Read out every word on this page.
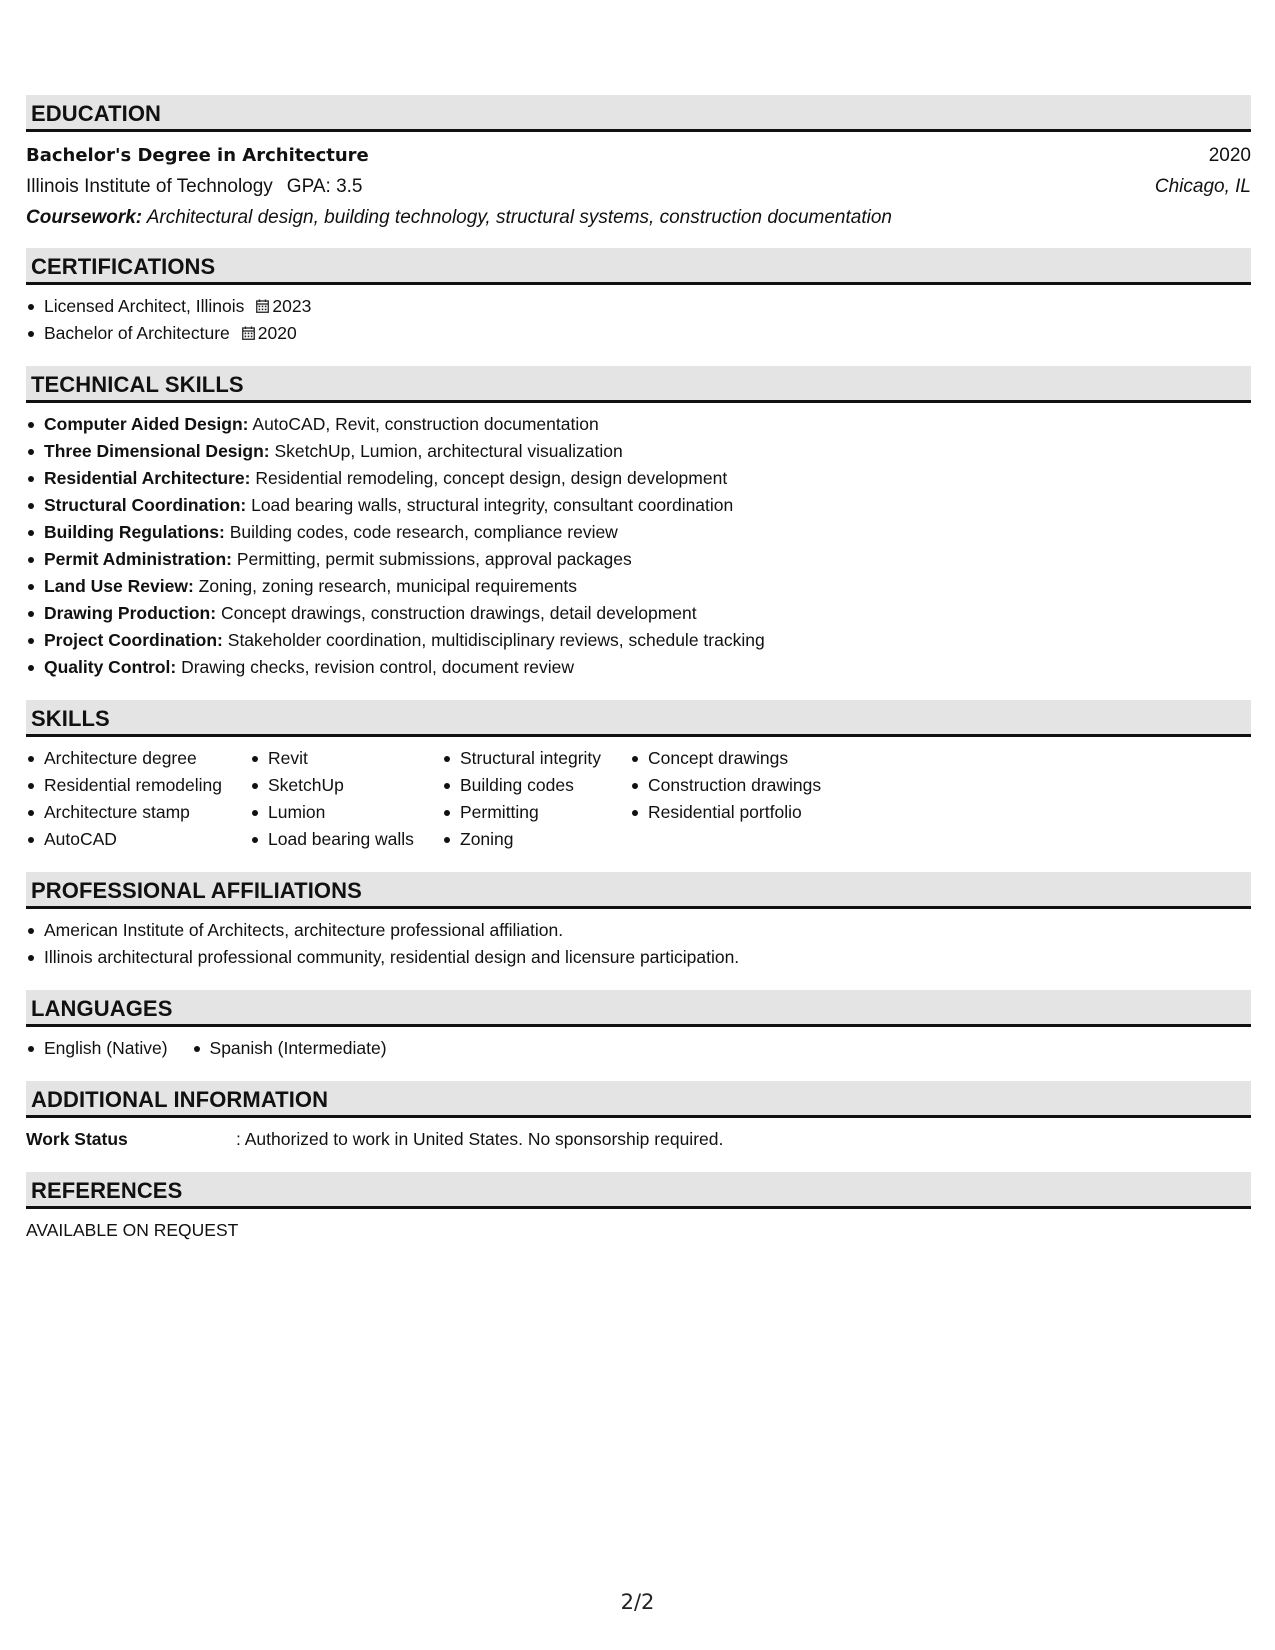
EDUCATION
Bachelor's Degree in Architecture	2020
Illinois Institute of Technology GPA: 3.5	Chicago, IL
Coursework: Architectural design, building technology, structural systems, construction documentation
CERTIFICATIONS
Licensed Architect, Illinois 2023
Bachelor of Architecture 2020
TECHNICAL SKILLS
Computer Aided Design: AutoCAD, Revit, construction documentation
Three Dimensional Design: SketchUp, Lumion, architectural visualization
Residential Architecture: Residential remodeling, concept design, design development
Structural Coordination: Load bearing walls, structural integrity, consultant coordination
Building Regulations: Building codes, code research, compliance review
Permit Administration: Permitting, permit submissions, approval packages
Land Use Review: Zoning, zoning research, municipal requirements
Drawing Production: Concept drawings, construction drawings, detail development
Project Coordination: Stakeholder coordination, multidisciplinary reviews, schedule tracking
Quality Control: Drawing checks, revision control, document review
SKILLS
Architecture degree
Residential remodeling
Architecture stamp
AutoCAD
Revit
SketchUp
Lumion
Load bearing walls
Structural integrity
Building codes
Permitting
Zoning
Concept drawings
Construction drawings
Residential portfolio
PROFESSIONAL AFFILIATIONS
American Institute of Architects, architecture professional affiliation.
Illinois architectural professional community, residential design and licensure participation.
LANGUAGES
English (Native)	Spanish (Intermediate)
ADDITIONAL INFORMATION
Work Status	: Authorized to work in United States. No sponsorship required.
REFERENCES
AVAILABLE ON REQUEST
2/2
